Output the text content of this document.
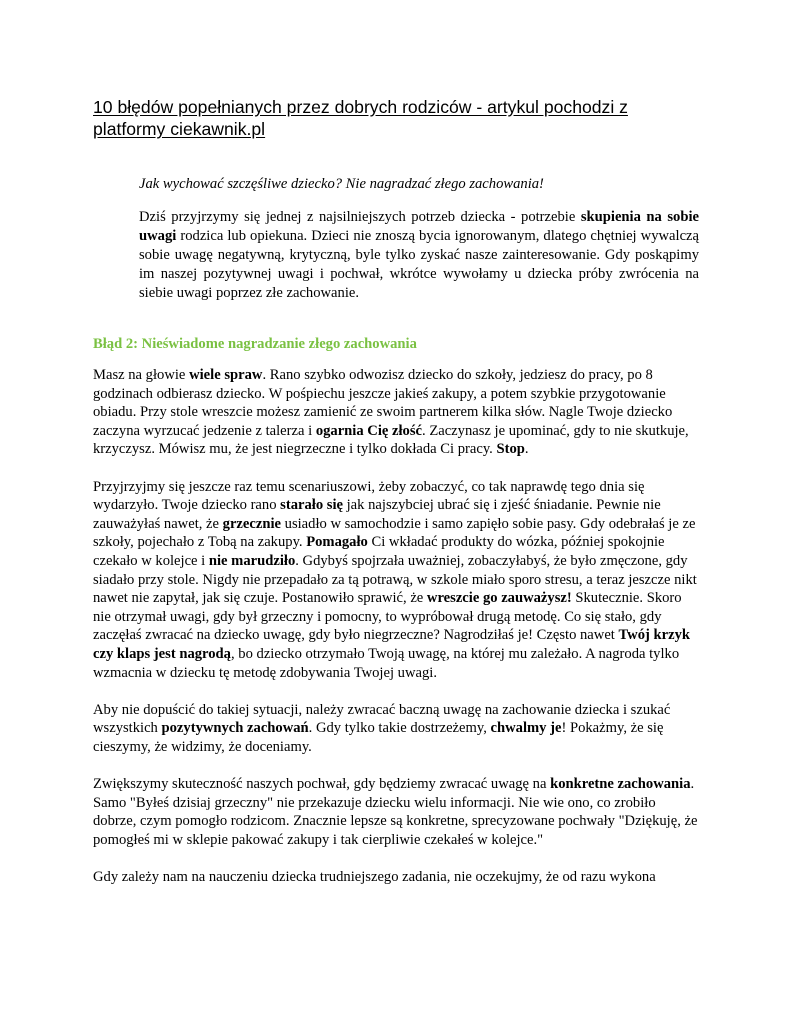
10 błędów popełnianych przez dobrych rodziców - artykul pochodzi z platformy ciekawnik.pl
Jak wychować szczęśliwe dziecko? Nie nagradzać złego zachowania!
Dziś przyjrzymy się jednej z najsilniejszych potrzeb dziecka - potrzebie skupienia na sobie uwagi rodzica lub opiekuna. Dzieci nie znoszą bycia ignorowanym, dlatego chętniej wywalczą sobie uwagę negatywną, krytyczną, byle tylko zyskać nasze zainteresowanie. Gdy poskąpimy im naszej pozytywnej uwagi i pochwał, wkrótce wywołamy u dziecka próby zwrócenia na siebie uwagi poprzez złe zachowanie.
Błąd 2: Nieświadome nagradzanie złego zachowania

Masz na głowie wiele spraw. Rano szybko odwozisz dziecko do szkoły, jedziesz do pracy, po 8 godzinach odbierasz dziecko. W pośpiechu jeszcze jakieś zakupy, a potem szybkie przygotowanie obiadu. Przy stole wreszcie możesz zamienić ze swoim partnerem kilka słów. Nagle Twoje dziecko zaczyna wyrzucać jedzenie z talerza i ogarnia Cię złość. Zaczynasz je upominać, gdy to nie skutkuje, krzyczysz. Mówisz mu, że jest niegrzeczne i tylko dokłada Ci pracy. Stop.

Przyjrzyjmy się jeszcze raz temu scenariuszowi, żeby zobaczyć, co tak naprawdę tego dnia się wydarzyło. Twoje dziecko rano starało się jak najszybciej ubrać się i zjeść śniadanie. Pewnie nie zauważyłaś nawet, że grzecznie usiadło w samochodzie i samo zapięło sobie pasy. Gdy odebrałaś je ze szkoły, pojechało z Tobą na zakupy. Pomagało Ci wkładać produkty do wózka, później spokojnie czekało w kolejce i nie marudziło. Gdybyś spojrzała uważniej, zobaczyłabyś, że było zmęczone, gdy siadało przy stole. Nigdy nie przepadało za tą potrawą, w szkole miało sporo stresu, a teraz jeszcze nikt nawet nie zapytał, jak się czuje. Postanowiło sprawić, że wreszcie go zauważysz! Skutecznie. Skoro nie otrzymał uwagi, gdy był grzeczny i pomocny, to wypróbował drugą metodę. Co się stało, gdy zaczęłaś zwracać na dziecko uwagę, gdy było niegrzeczne? Nagrodziłaś je! Często nawet Twój krzyk czy klaps jest nagrodą, bo dziecko otrzymało Twoją uwagę, na której mu zależało. A nagroda tylko wzmacnia w dziecku tę metodę zdobywania Twojej uwagi.

Aby nie dopuścić do takiej sytuacji, należy zwracać baczną uwagę na zachowanie dziecka i szukać wszystkich pozytywnych zachowań. Gdy tylko takie dostrzeżemy, chwalmy je! Pokażmy, że się cieszymy, że widzimy, że doceniamy.

Zwiększymy skuteczność naszych pochwał, gdy będziemy zwracać uwagę na konkretne zachowania. Samo "Byłeś dzisiaj grzeczny" nie przekazuje dziecku wielu informacji. Nie wie ono, co zrobiło dobrze, czym pomogło rodzicom. Znacznie lepsze są konkretne, sprecyzowane pochwały "Dziękuję, że pomogłeś mi w sklepie pakować zakupy i tak cierpliwie czekałeś w kolejce."

Gdy zależy nam na nauczeniu dziecka trudniejszego zadania, nie oczekujmy, że od razu wykona
